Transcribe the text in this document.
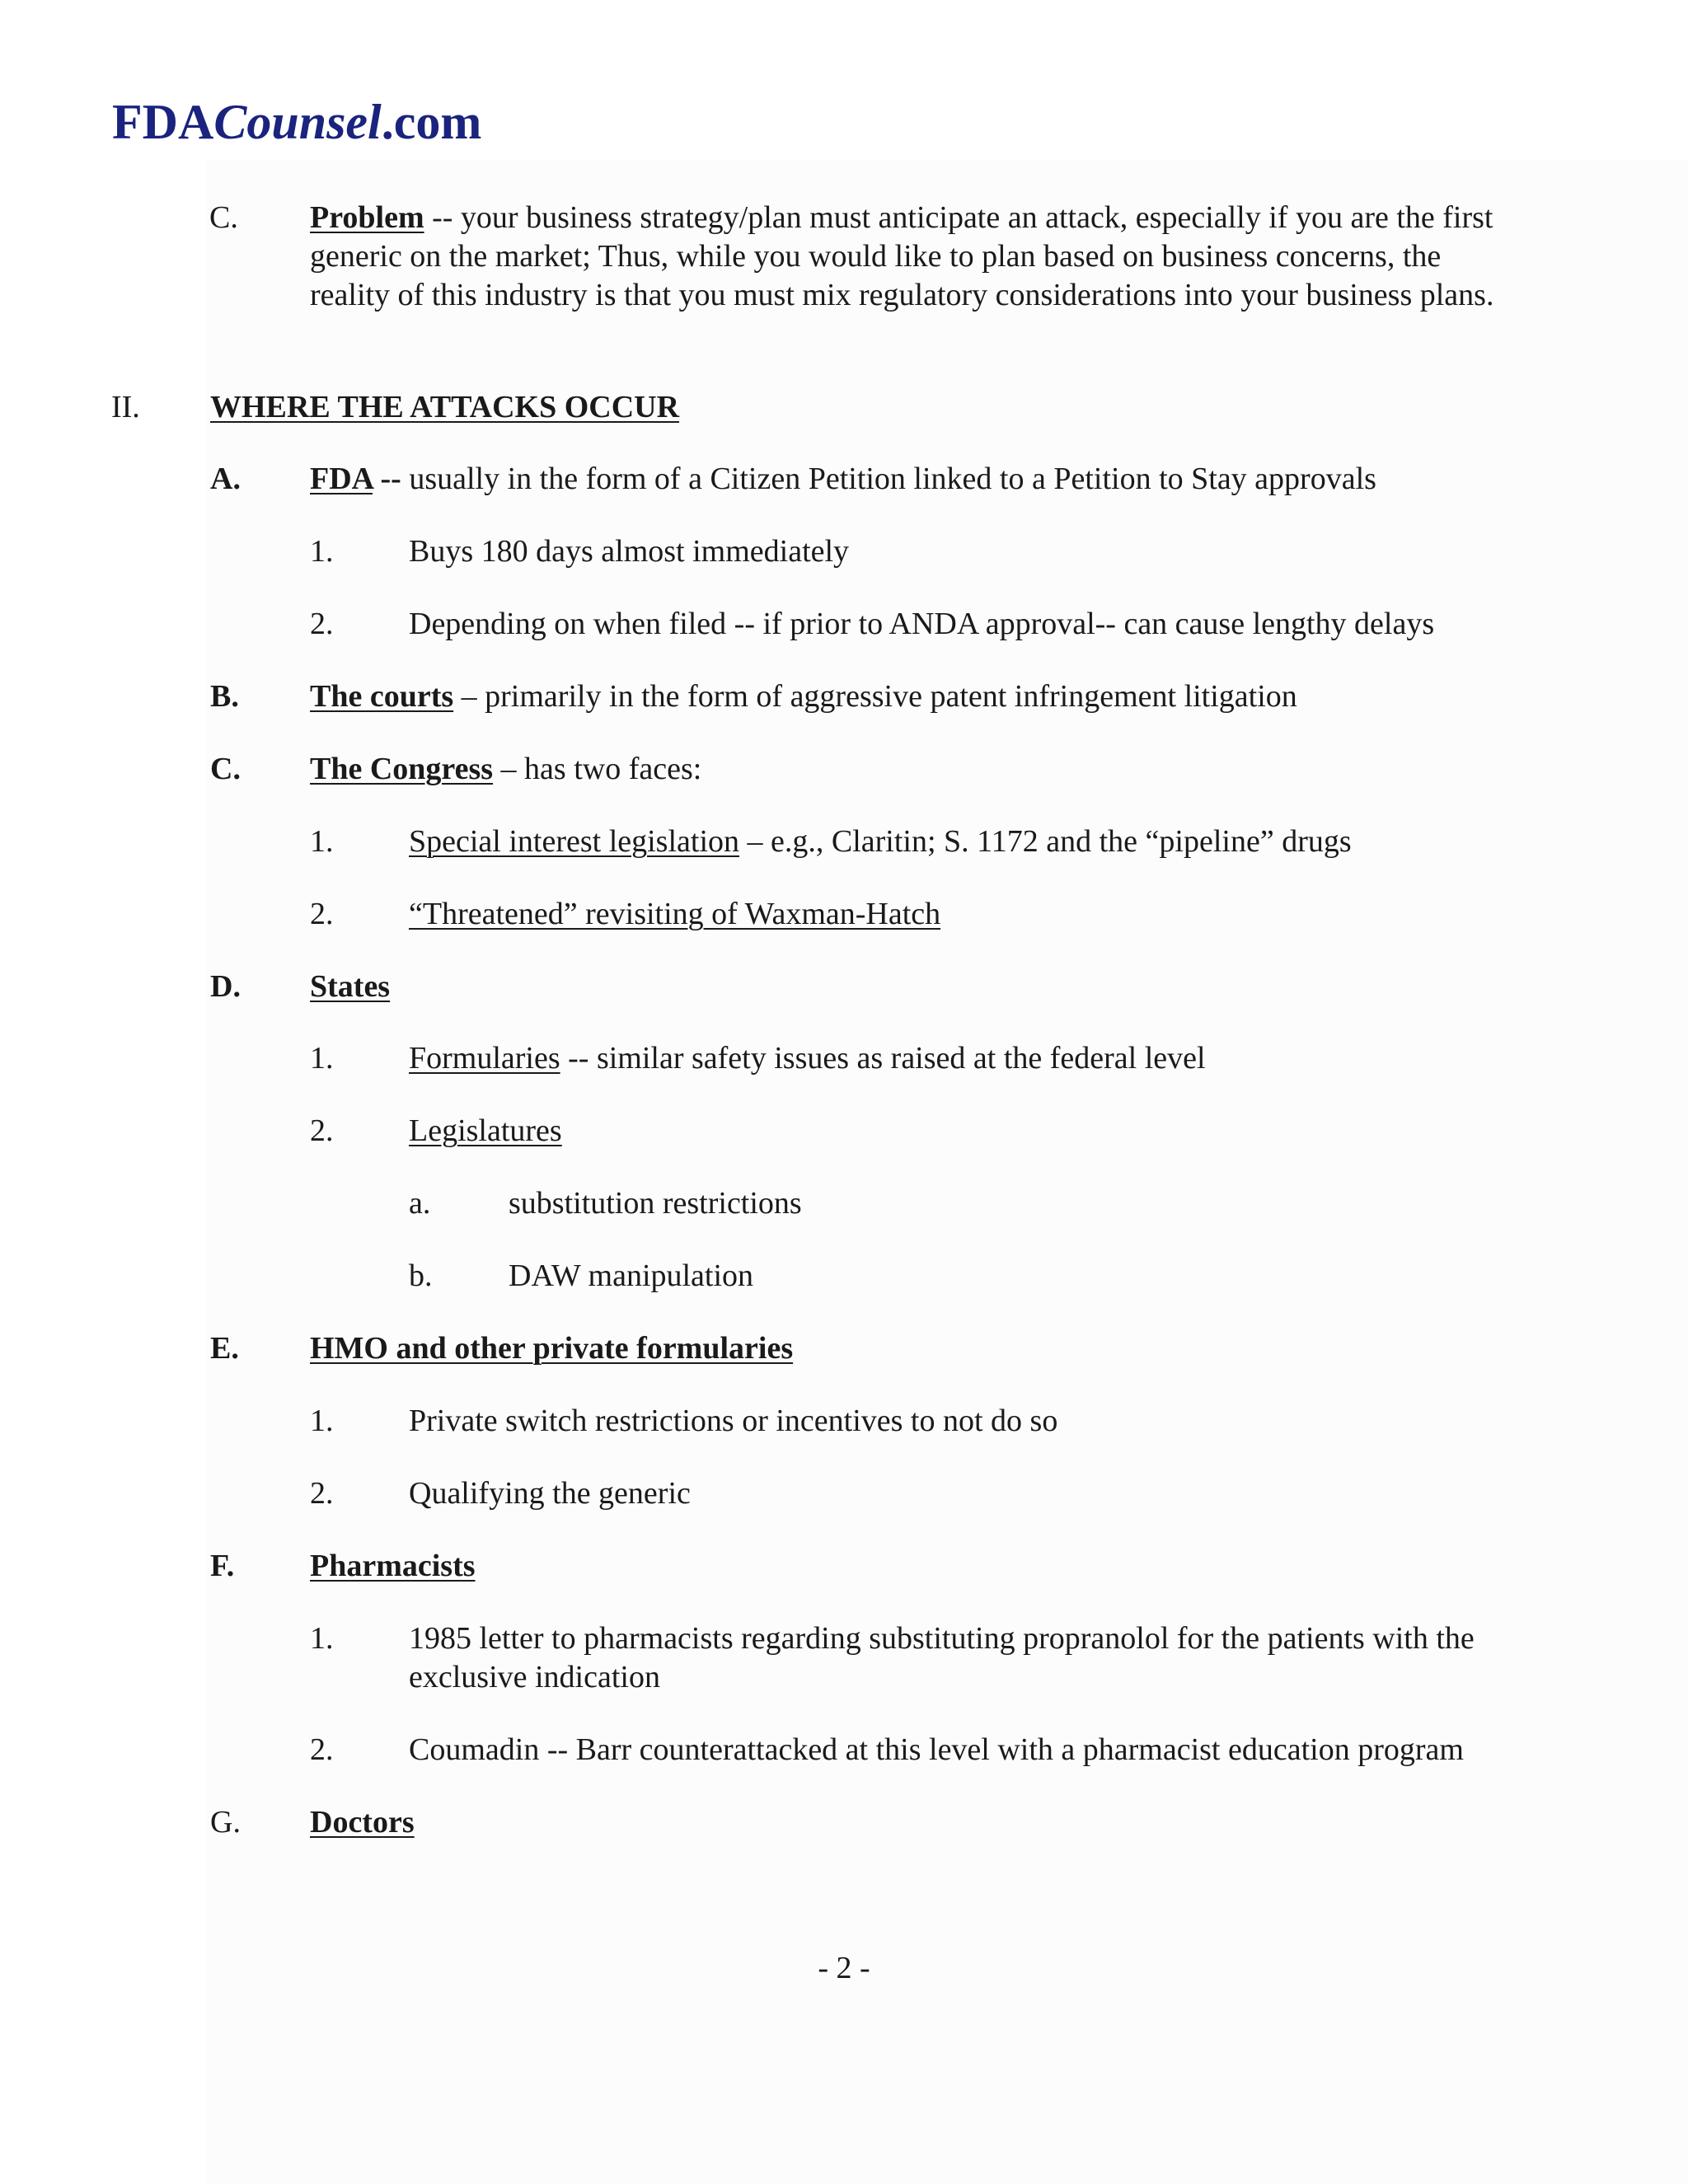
FDACounsel.com
C. Problem -- your business strategy/plan must anticipate an attack, especially if you are the first
generic on the market; Thus, while you would like to plan based on business concerns, the
reality of this industry is that you must mix regulatory considerations into your business plans.
II. WHERE THE ATTACKS OCCUR
A. FDA -- usually in the form of a Citizen Petition linked to a Petition to Stay approvals
1. Buys 180 days almost immediately
2. Depending on when filed -- if prior to ANDA approval-- can cause lengthy delays
B. The courts – primarily in the form of aggressive patent infringement litigation
C. The Congress – has two faces:
1. Special interest legislation – e.g., Claritin; S. 1172 and the “pipeline” drugs
2. “Threatened” revisiting of Waxman-Hatch
D. States
1. Formularies -- similar safety issues as raised at the federal level
2. Legislatures
a. substitution restrictions
b. DAW manipulation
E. HMO and other private formularies
1. Private switch restrictions or incentives to not do so
2. Qualifying the generic
F. Pharmacists
1. 1985 letter to pharmacists regarding substituting propranolol for the patients with the
exclusive indication
2. Coumadin -- Barr counterattacked at this level with a pharmacist education program
G. Doctors
- 2 -
